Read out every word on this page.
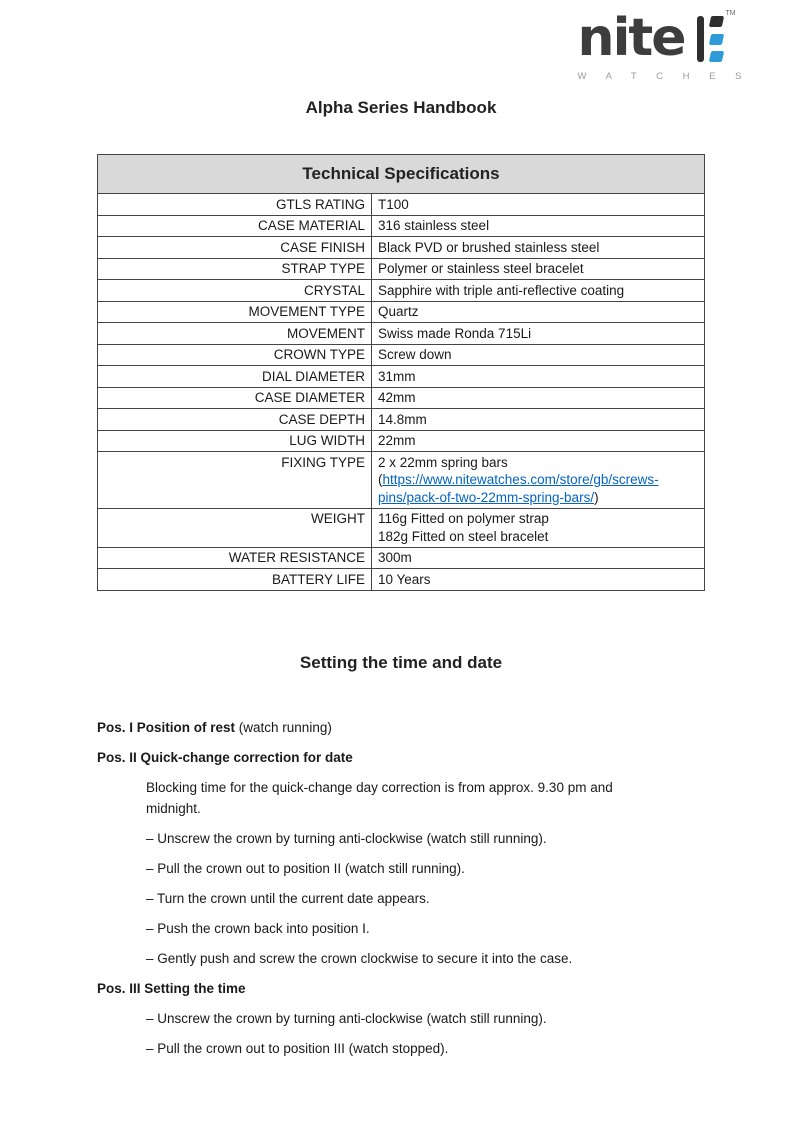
nite	TM
W A T C H E S
Alpha Series Handbook
Technical Specifications	
GTLS RATING	T100
CASE MATERIAL	316 stainless steel
CASE FINISH	Black PVD or brushed stainless steel
STRAP TYPE	Polymer or stainless steel bracelet
CRYSTAL	Sapphire with triple anti-reflective coating
MOVEMENT TYPE	Quartz
MOVEMENT	Swiss made Ronda 715Li
CROWN TYPE	Screw down
DIAL DIAMETER	31mm
CASE DIAMETER	42mm
CASE DEPTH	14.8mm
LUG WIDTH	22mm
FIXING TYPE	2 x 22mm spring bars (https://www.nitewatches.com/store/gb/screws-pins/pack-of-two-22mm-spring-bars/)
WEIGHT	116g Fitted on polymer strap
182g Fitted on steel bracelet

WATER RESISTANCE	300m
BATTERY LIFE	10 Years
Setting the time and date

Pos. I Position of rest (watch running)

Pos. II Quick-change correction for date

Blocking time for the quick-change day correction is from approx. 9.30 pm and midnight.

– Unscrew the crown by turning anti-clockwise (watch still running).

– Pull the crown out to position II (watch still running).

– Turn the crown until the current date appears.

– Push the crown back into position I.

– Gently push and screw the crown clockwise to secure it into the case.

Pos. III Setting the time

– Unscrew the crown by turning anti-clockwise (watch still running).

– Pull the crown out to position III (watch stopped).
